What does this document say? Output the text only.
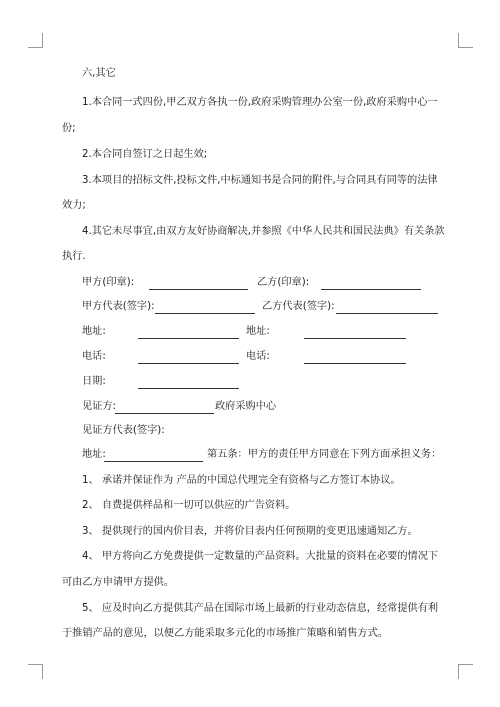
六,其它
1.本合同一式四份,甲乙双方各执一份,政府采购管理办公室一份,政府采购中心一
份;
2.本合同自签订之日起生效;
3.本项目的招标文件,投标文件,中标通知书是合同的附件,与合同具有同等的法律
效力;
4.其它未尽事宜,由双方友好协商解决,并参照《中华人民共和国民法典》有关条款
执行.
甲方(印章):	乙方(印章):
甲方代表(签字):	乙方代表(签字):
地址:	地址:
电话:	电话:
日期:
见证方:	政府采购中心
见证方代表(签字):
地址:	第五条：甲方的责任甲方同意在下列方面承担义务：
1、 承诺并保证作为 产品的中国总代理完全有资格与乙方签订本协议。
2、 自费提供样品和一切可以供应的广告资料。
3、 提供现行的国内价目表，并将价目表内任何预期的变更迅速通知乙方。
4、 甲方将向乙方免费提供一定数量的产品资料。大批量的资料在必要的情况下
可由乙方申请甲方提供。
5、 应及时向乙方提供其产品在国际市场上最新的行业动态信息，经常提供有利
于推销产品的意见，以便乙方能采取多元化的市场推广策略和销售方式。
